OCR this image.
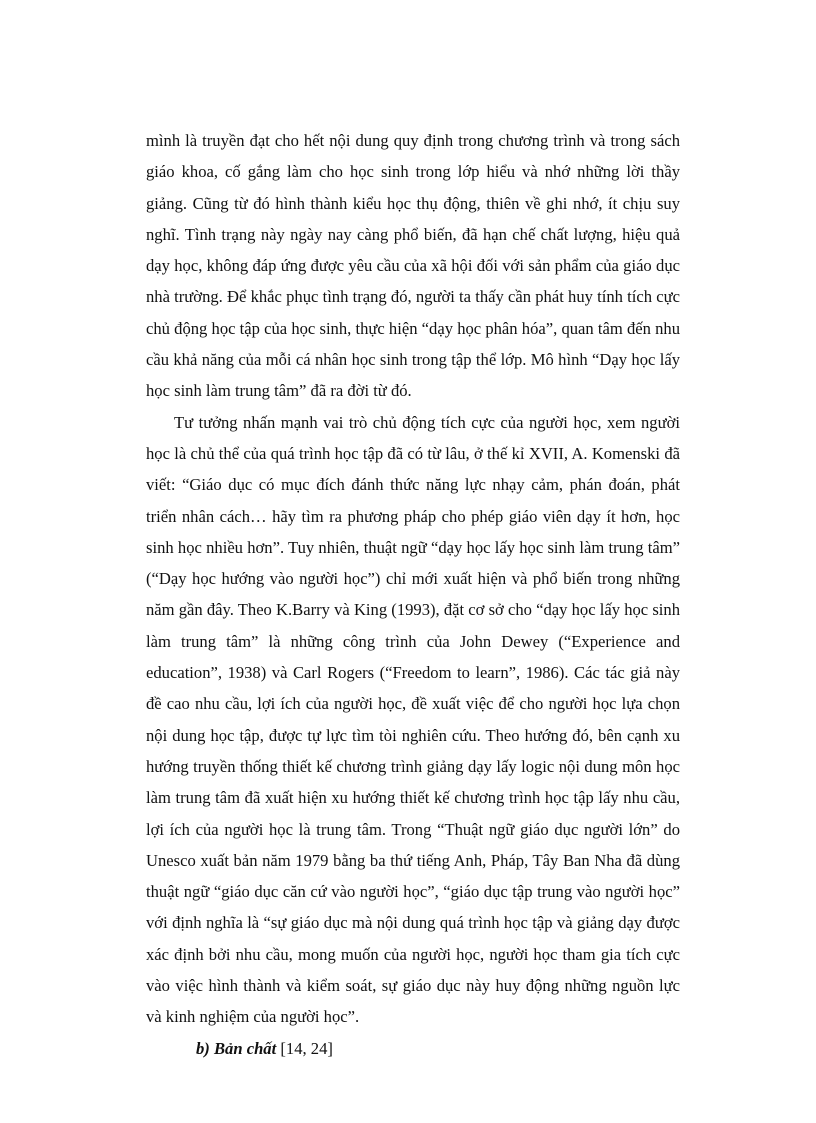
mình là truyền đạt cho hết nội dung quy định trong chương trình và trong sách giáo khoa, cố gắng làm cho học sinh trong lớp hiểu và nhớ những lời thầy giảng. Cũng từ đó hình thành kiểu học thụ động, thiên về ghi nhớ, ít chịu suy nghĩ. Tình trạng này ngày nay càng phổ biến, đã hạn chế chất lượng, hiệu quả dạy học, không đáp ứng được yêu cầu của xã hội đối với sản phẩm của giáo dục nhà trường. Để khắc phục tình trạng đó, người ta thấy cần phát huy tính tích cực chủ động học tập của học sinh, thực hiện “dạy học phân hóa”, quan tâm đến nhu cầu khả năng của mỗi cá nhân học sinh trong tập thể lớp. Mô hình “Dạy học lấy học sinh làm trung tâm” đã ra đời từ đó.

Tư tưởng nhấn mạnh vai trò chủ động tích cực của người học, xem người học là chủ thể của quá trình học tập đã có từ lâu, ở thế kỉ XVII, A. Komenski đã viết: “Giáo dục có mục đích đánh thức năng lực nhạy cảm, phán đoán, phát triển nhân cách… hãy tìm ra phương pháp cho phép giáo viên dạy ít hơn, học sinh học nhiều hơn”. Tuy nhiên, thuật ngữ “dạy học lấy học sinh làm trung tâm” (“Dạy học hướng vào người học”) chỉ mới xuất hiện và phổ biến trong những năm gần đây. Theo K.Barry và King (1993), đặt cơ sở cho “dạy học lấy học sinh làm trung tâm” là những công trình của John Dewey (“Experience and education”, 1938) và Carl Rogers (“Freedom to learn”, 1986). Các tác giả này đề cao nhu cầu, lợi ích của người học, đề xuất việc để cho người học lựa chọn nội dung học tập, được tự lực tìm tòi nghiên cứu. Theo hướng đó, bên cạnh xu hướng truyền thống thiết kế chương trình giảng dạy lấy logic nội dung môn học làm trung tâm đã xuất hiện xu hướng thiết kế chương trình học tập lấy nhu cầu, lợi ích của người học là trung tâm. Trong “Thuật ngữ giáo dục người lớn” do Unesco xuất bản năm 1979 bằng ba thứ tiếng Anh, Pháp, Tây Ban Nha đã dùng thuật ngữ “giáo dục căn cứ vào người học”, “giáo dục tập trung vào người học” với định nghĩa là “sự giáo dục mà nội dung quá trình học tập và giảng dạy được xác định bởi nhu cầu, mong muốn của người học, người học tham gia tích cực vào việc hình thành và kiểm soát, sự giáo dục này huy động những nguồn lực và kinh nghiệm của người học”.

b) Bản chất [14, 24]
